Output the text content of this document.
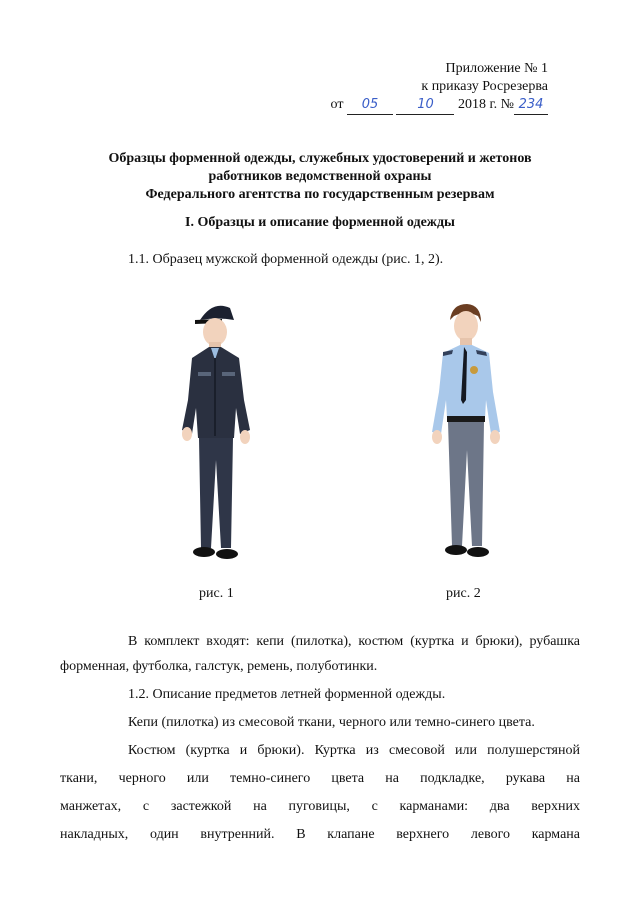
Приложение № 1
к приказу Росрезерва
от 05	10 2018 г. № 234
Образцы форменной одежды, служебных удостоверений и жетонов
работников ведомственной охраны
Федерального агентства по государственным резервам
I. Образцы и описание форменной одежды
1.1. Образец мужской форменной одежды (рис. 1, 2).
рис. 1	рис. 2
В комплект входят: кепи (пилотка), костюм (куртка и брюки), рубашка
форменная, футболка, галстук, ремень, полуботинки.
1.2. Описание предметов летней форменной одежды.
Кепи (пилотка) из смесовой ткани, черного или темно-синего цвета.
Костюм (куртка и брюки). Куртка из смесовой или полушерстяной
ткани, черного или темно-синего цвета на подкладке, рукава на
манжетах, с застежкой на пуговицы, с карманами: два верхних
накладных, один внутренний. В клапане верхнего левого кармана
